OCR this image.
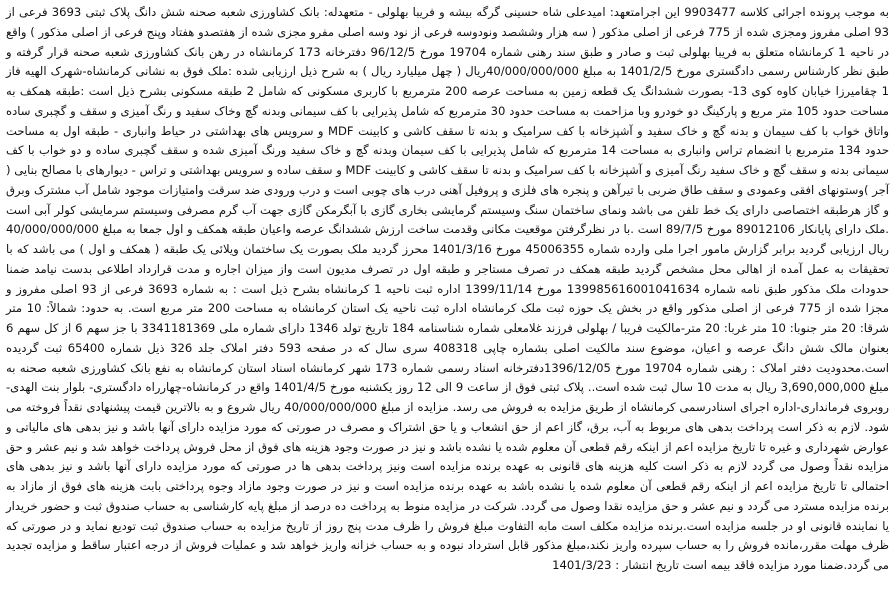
به موجب پرونده اجرائی کلاسه 9903477 این اجرامتعهد: امیدعلی شاه حسینی گرگه بیشه و فریبا بهلولی - متعهدله: بانک کشاورزی شعبه صحنه شش دانگ پلاک ثبتی 3693 فرعی از 93 اصلی مفروز ومجزی شده از 775 فرعی از اصلی مذکور ( سه هزار وششصد ونودوسه فرعی از نود وسه اصلی مفرو مجزی شده از هفتصدو هفتاد وپنج فرعی از اصلی مذکور ) واقع در ناحیه 1 کرمانشاه متعلق به فریبا بهلولی ثبت و صادر و طبق سند رهنی شماره 19704 مورخ 96/12/5 دفترخانه 173 کرمانشاه در رهن بانک کشاورزی شعبه صحنه قرار گرفته و طبق نظر کارشناس رسمی دادگستری مورخ 1401/2/5 به مبلغ 40/000/000/000ریال ( چهل میلیارد ریال ) به شرح ذیل ارزیابی شده :ملک فوق به نشانی کرمانشاه-شهرک الهیه فاز 1 چقامیرزا خیابان کاوه کوی 13- بصورت ششدانگ یک قطعه زمین به مساحت عرصه 200 مترمربع با کاربری مسکونی که شامل 2 طبقه مسکونی بشرح ذیل است :طبقه همکف به مساحت حدود 105 متر مربع و پارکینگ دو خودرو وبا مزاحمت به مساحت حدود 30 مترمربع که شامل پذیرایی با کف سیمانی وبدنه گچ وخاک سفید و رنگ آمیزی و سقف و گچبری ساده واتاق خواب با کف سیمان و بدنه گچ و خاک سفید و آشپزخانه با کف سرامیک و بدنه تا سقف کاشی و کابینت MDF و سرویس های بهداشتی در حیاط وانباری - طبقه اول به مساحت حدود 134 مترمربع با انضمام تراس وانباری به مساحت 14 مترمربع که شامل پذیرایی با کف سیمان وبدنه گچ و خاک سفید ورنگ آمیزی شده و سقف گچبری ساده و دو خواب با کف سیمانی بدنه و سقف گچ و خاک سفید رنگ آمیزی و آشپزخانه با کف سرامیک و بدنه تا سقف کاشی و کابینت MDF و سقف ساده و سرویس بهداشتی و تراس - دیوارهای با مصالح بنایی ( آجر )وستونهای افقی وعمودی و سقف طاق ضربی با تیرآهن و پنجره های فلزی و پروفیل آهنی درب های چوبی است و درب ورودی ضد سرقت وامتیازات موجود شامل آب مشترک وبرق و گاز هرطبقه اختصاصی دارای یک خط تلفن می باشد ونمای ساختمان سنگ وسیستم گرمایشی بخاری گازی با آبگرمکن گازی جهت آب گرم مصرفی وسیستم سرمایشی کولر آبی است .ملک دارای پایانکار 89012106 مورخ 89/7/5 است .با در نظرگرفتن موقعیت مکانی وقدمت ساخت ارزش ششدانگ عرصه واعیان طبقه همکف و اول جمعا به مبلغ 40/000/000/000 ریال ارزیابی گردید برابر گزارش مامور اجرا ملی وارده شماره 45006355 مورخ 1401/3/16 محرز گردید ملک بصورت یک ساختمان ویلائی یک طبقه ( همکف و اول ) می باشد که با تحقیقات به عمل آمده از اهالی محل مشخص گردید طبقه همکف در تصرف مستاجر و طبقه اول در تصرف مدیون است واز میزان اجاره و مدت قرارداد اطلاعی بدست نیامد ضمنا حدودات ملک مذکور طبق نامه شماره 139985616001041634 مورخ 1399/11/14 اداره ثبت ناحیه 1 کرمانشاه بشرح ذیل است : به شماره 3693 فرعی از 93 اصلی مفروز و مجزا شده از 775 فرعی از اصلی مذکور واقع در بخش یک حوزه ثبت ملک کرمانشاه اداره ثبت ناحیه یک استان کرمانشاه به مساحت 200 متر مربع است. به حدود: شمالاً: 10 متر شرقا: 20 متر جنوبا: 10 متر غربا: 20 متر-مالکیت فریبا / بهلولی فرزند غلامعلی شماره شناسنامه 184 تاریخ تولد 1346 دارای شماره ملی 3341181369 با جز سهم 6 از کل سهم 6 بعنوان مالک شش دانگ عرصه و اعیان، موضوع سند مالکیت اصلی بشماره چاپی 408318 سری سال که در صفحه 593 دفتر املاک جلد 326 ذیل شماره 65400 ثبت گردیده است.محدودیت دفتر املاک : رهنی شماره 19704 مورخ 1396/12/05دفترخانه اسناد رسمی شماره 173 شهر کرمانشاه اسناد استان کرمانشاه به نفع بانک کشاورزی شعبه صحنه به مبلغ 3,690,000,000 ریال به مدت 10 سال ثبت شده است.. پلاک ثبتی فوق از ساعت 9 الی 12 روز یکشنبه مورخ 1401/4/5 واقع در کرمانشاه-چهارراه دادگستری- بلوار بنت الهدی-روبروی فرمانداری-اداره اجرای اسنادرسمی کرمانشاه از طریق مزایده به فروش می رسد. مزایده از مبلغ 40/000/000/000 ریال شروع و به بالاترین قیمت پیشنهادی نقداً فروخته می شود. لازم به ذکر است پرداخت بدهی های مربوط به آب، برق، گاز اعم از حق انشعاب و یا حق اشتراک و مصرف در صورتی که مورد مزایده دارای آنها باشد و نیز بدهی های مالیاتی و عوارض شهرداری و غیره تا تاریخ مزایده اعم از اینکه رقم قطعی آن معلوم شده یا نشده باشد و نیز در صورت وجود هزینه های فوق از محل فروش پرداخت خواهد شد و نیم عشر و حق مزایده نقداً وصول می گردد لازم به ذکر است کلیه هزینه های قانونی به عهده برنده مزایده است ونیز پرداخت بدهی ها در صورتی که مورد مزایده دارای آنها باشد و نیز بدهی های احتمالی تا تاریخ مزایده اعم از اینکه رقم قطعی آن معلوم شده یا نشده باشد به عهده برنده مزایده است و نیز در صورت وجود مازاد وجوه پرداختی بابت هزینه های فوق از مازاد به برنده مزایده مسترد می گردد و نیم عشر و حق مزایده نقدا وصول می گردد. شرکت در مزایده منوط به پرداخت ده درصد از مبلغ پایه کارشناسی به حساب صندوق ثبت و حضور خریدار یا نماینده قانونی او در جلسه مزایده است.برنده مزایده مکلف است مابه التفاوت مبلغ فروش را ظرف مدت پنج روز از تاریخ مزایده به حساب صندوق ثبت تودیع نماید و در صورتی که ظرف مهلت مقرر،مانده فروش را به حساب سپرده واریز نکند،مبلغ مذکور قابل استرداد نبوده و به حساب خزانه واریز خواهد شد و عملیات فروش از درجه اعتبار ساقط و مزایده تجدید می گردد.ضمنا مورد مزایده فاقد بیمه است تاریخ انتشار : 1401/3/23
